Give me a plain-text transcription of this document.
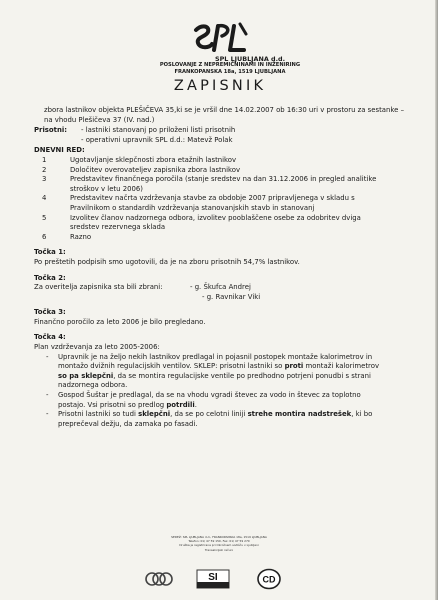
SPL LJUBLJANA d.d.
POSLOVANJE Z NEPREMIČNINAMI IN INŽENIRING
FRANKOPANSKA 18a, 1519 LJUBLJANA
ZAPISNIK
zbora lastnikov objekta PLEŠIČEVA 35,ki se je vršil dne 14.02.2007 ob 16:30 uri v prostoru za sestanke – na vhodu Plešičeva 37 (IV. nad.)
Prisotni:	- lastniki stanovanj po priloženi listi prisotnih
- operativni upravnik SPL d.d.: Matevž Polak
DNEVNI RED:
1	Ugotavljanje sklepčnosti zbora etažnih lastnikov
2	Določitev overovateljev zapisnika zbora lastnikov
3	Predstavitev finančnega poročila (stanje sredstev na dan 31.12.2006 in pregled analitike stroškov v letu 2006)
4	Predstavitev načrta vzdrževanja stavbe za obdobje 2007 pripravljenega v skladu s Pravilnikom o standardih vzdrževanja stanovanjskih stavb in stanovanj
5	Izvolitev članov nadzornega odbora, izvolitev pooblaščene osebe za odobritev dviga sredstev rezervnega sklada
6	Razno
Točka 1:
Po preštetih podpisih smo ugotovili, da je na zboru prisotnih 54,7% lastnikov.
Točka 2:
Za overitelja zapisnika sta bili zbrani:	- g. Škufca Andrej
- g. Ravnikar Viki
Točka 3:
Finančno poročilo za leto 2006 je bilo pregledano.
Točka 4:
Plan vzdrževanja za leto 2005-2006:
-	Upravnik je na željo nekih lastnikov predlagal in pojasnil postopek montaže kalorimetrov in montažo dvižnih regulacijskih ventilov. SKLEP: prisotni lastniki so proti montaži kalorimetrov so pa sklepčni, da se montira regulacijske ventile po predhodno potrjeni ponudbi s strani nadzornega odbora.
-	Gospod Šuštar je predlagal, da se na vhodu vgradi števec za vodo in števec za toplotno postajo. Vsi prisotni so predlog potrdili.
-	Prisotni lastniki so tudi sklepčni, da se po celotni liniji strehe montira nadstrešek, ki bo preprečeval dežju, da zamaka po fasadi.
SEDEŽ: SPL LJUBLJANA d.d., FRANKOPANSKA 18a, 1519 LJUBLJANA
Telefon: 01/ 47 59 150, Fax: 01/ 47 59 270
Družba je registrirana pri Okrožnem sodišču v Ljubljani
Transakcijski računi
SI	CD
